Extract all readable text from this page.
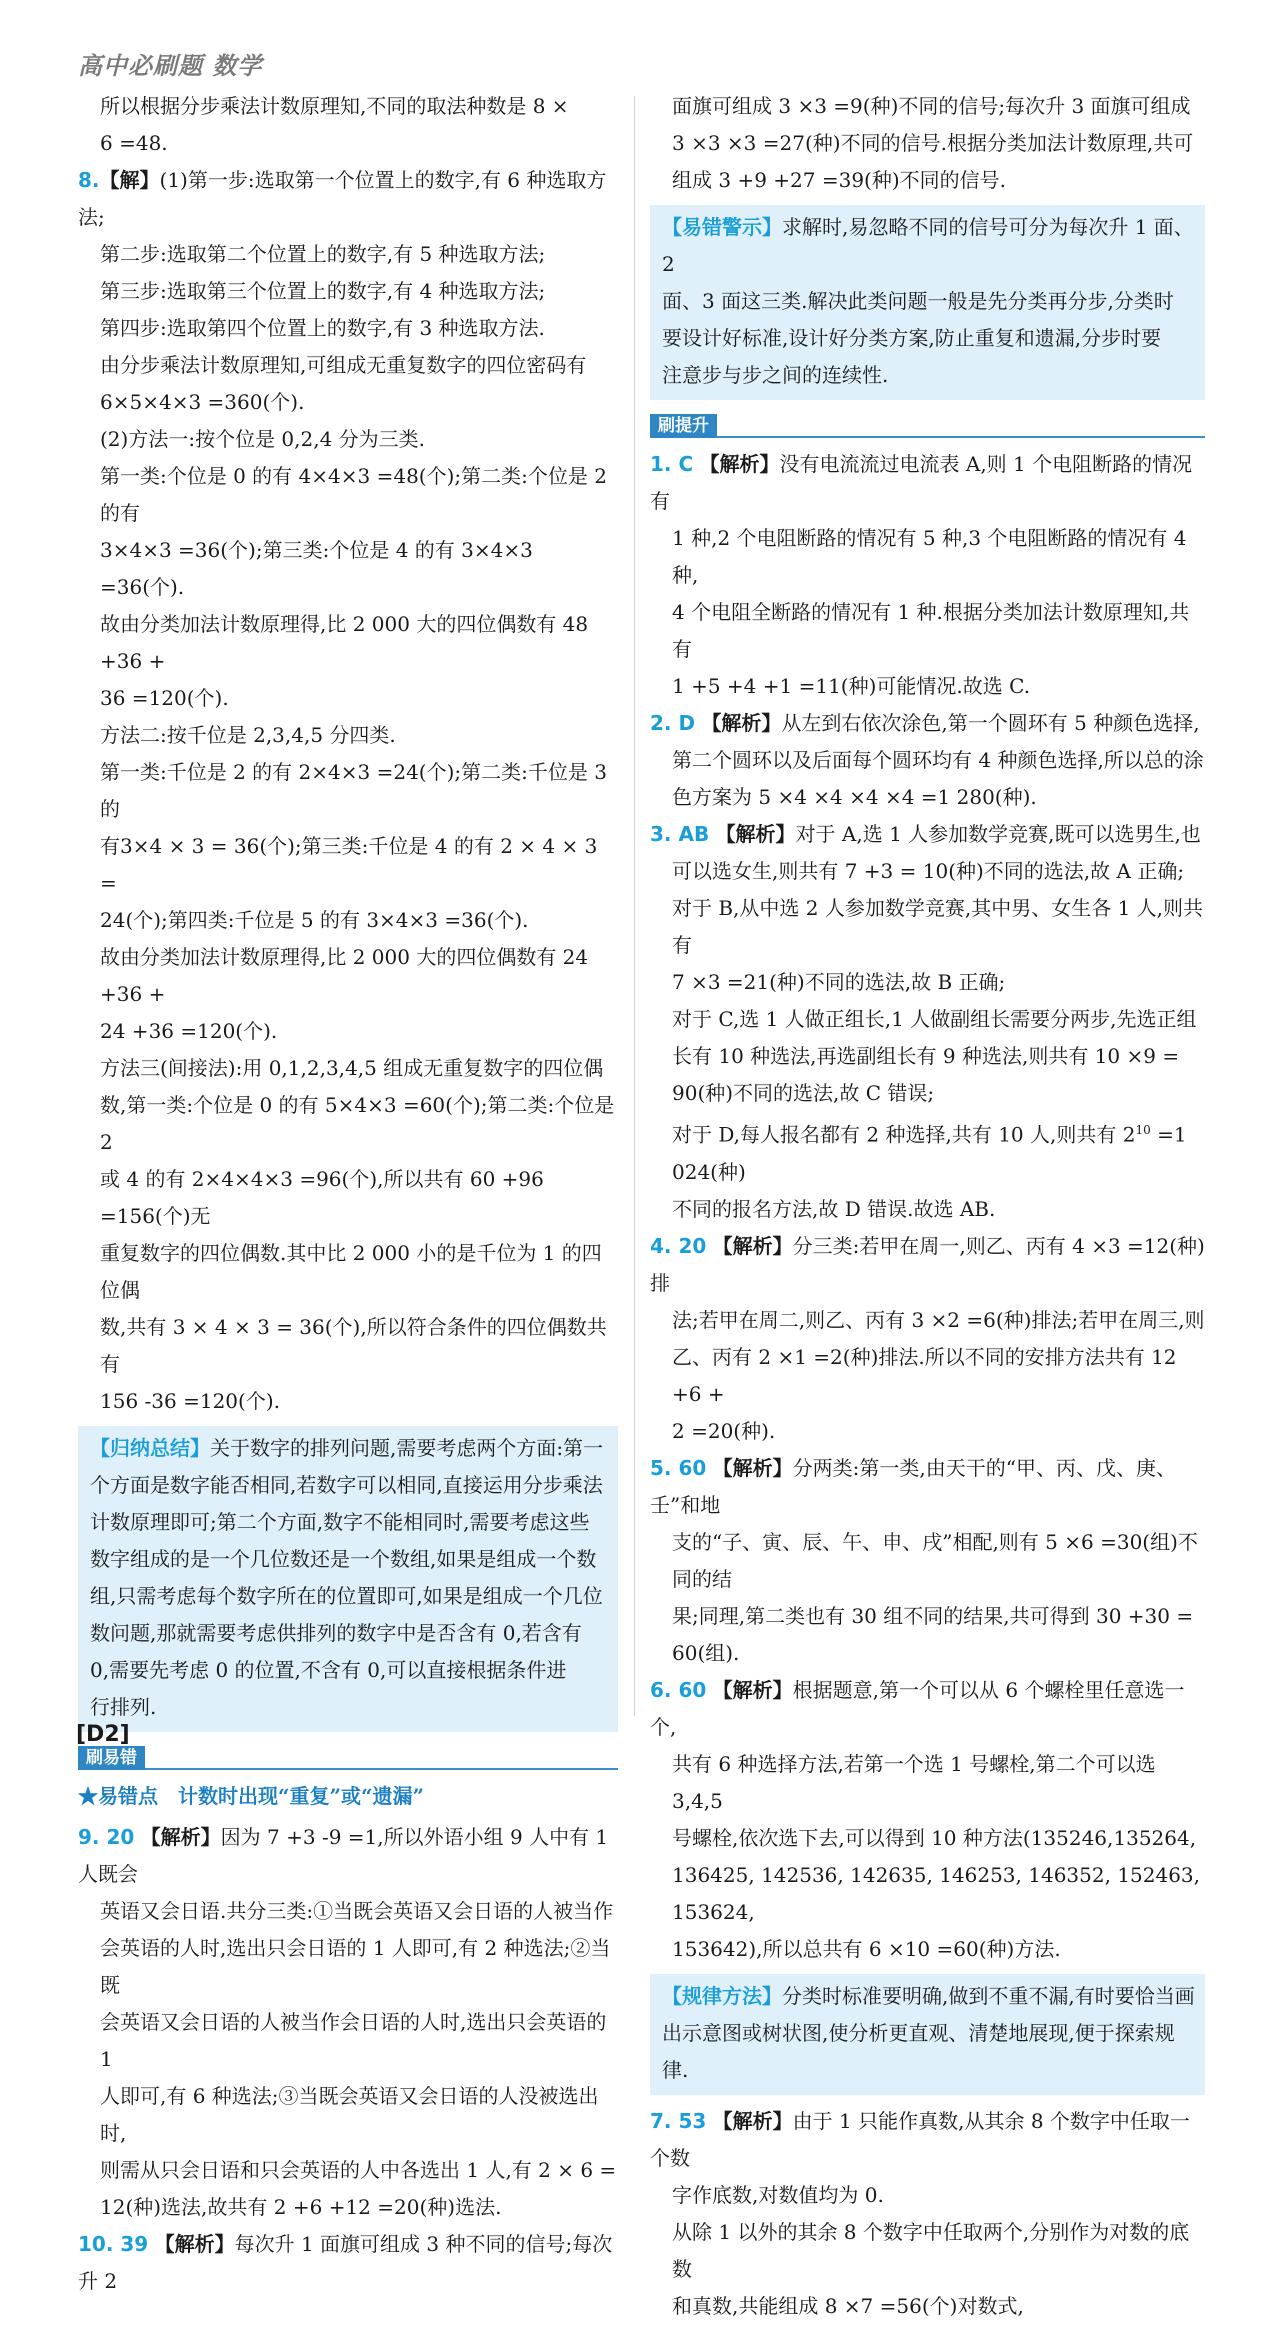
高中必刷题 数学

所以根据分步乘法计数原理知,不同的取法种数是 8 ×

6 =48.

8.【解】(1)第一步:选取第一个位置上的数字,有 6 种选取方法;

第二步:选取第二个位置上的数字,有 5 种选取方法;

第三步:选取第三个位置上的数字,有 4 种选取方法;

第四步:选取第四个位置上的数字,有 3 种选取方法.

由分步乘法计数原理知,可组成无重复数字的四位密码有

6×5×4×3 =360(个).

(2)方法一:按个位是 0,2,4 分为三类.

第一类:个位是 0 的有 4×4×3 =48(个);第二类:个位是 2 的有

3×4×3 =36(个);第三类:个位是 4 的有 3×4×3 =36(个).

故由分类加法计数原理得,比 2 000 大的四位偶数有 48 +36 +

36 =120(个).

方法二:按千位是 2,3,4,5 分四类.

第一类:千位是 2 的有 2×4×3 =24(个);第二类:千位是 3 的

有3×4 × 3 = 36(个);第三类:千位是 4 的有 2 × 4 × 3 =

24(个);第四类:千位是 5 的有 3×4×3 =36(个).

故由分类加法计数原理得,比 2 000 大的四位偶数有 24 +36 +

24 +36 =120(个).

方法三(间接法):用 0,1,2,3,4,5 组成无重复数字的四位偶

数,第一类:个位是 0 的有 5×4×3 =60(个);第二类:个位是 2

或 4 的有 2×4×4×3 =96(个),所以共有 60 +96 =156(个)无

重复数字的四位偶数.其中比 2 000 小的是千位为 1 的四位偶

数,共有 3 × 4 × 3 = 36(个),所以符合条件的四位偶数共有

156 -36 =120(个).

【归纳总结】关于数字的排列问题,需要考虑两个方面:第一

个方面是数字能否相同,若数字可以相同,直接运用分步乘法

计数原理即可;第二个方面,数字不能相同时,需要考虑这些

数字组成的是一个几位数还是一个数组,如果是组成一个数

组,只需考虑每个数字所在的位置即可,如果是组成一个几位

数问题,那就需要考虑供排列的数字中是否含有 0,若含有

0,需要先考虑 0 的位置,不含有 0,可以直接根据条件进

行排列.

刷易错

★易错点　计数时出现“重复”或“遗漏”

9. 20 【解析】因为 7 +3 -9 =1,所以外语小组 9 人中有 1 人既会

英语又会日语.共分三类:①当既会英语又会日语的人被当作

会英语的人时,选出只会日语的 1 人即可,有 2 种选法;②当既

会英语又会日语的人被当作会日语的人时,选出只会英语的 1

人即可,有 6 种选法;③当既会英语又会日语的人没被选出时,

则需从只会日语和只会英语的人中各选出 1 人,有 2 × 6 =

12(种)选法,故共有 2 +6 +12 =20(种)选法.

10. 39 【解析】每次升 1 面旗可组成 3 种不同的信号;每次升 2

面旗可组成 3 ×3 =9(种)不同的信号;每次升 3 面旗可组成

3 ×3 ×3 =27(种)不同的信号.根据分类加法计数原理,共可

组成 3 +9 +27 =39(种)不同的信号.

【易错警示】求解时,易忽略不同的信号可分为每次升 1 面、2

面、3 面这三类.解决此类问题一般是先分类再分步,分类时

要设计好标准,设计好分类方案,防止重复和遗漏,分步时要

注意步与步之间的连续性.

刷提升

1. C 【解析】没有电流流过电流表 A,则 1 个电阻断路的情况有

1 种,2 个电阻断路的情况有 5 种,3 个电阻断路的情况有 4 种,

4 个电阻全断路的情况有 1 种.根据分类加法计数原理知,共有

1 +5 +4 +1 =11(种)可能情况.故选 C.

2. D 【解析】从左到右依次涂色,第一个圆环有 5 种颜色选择,

第二个圆环以及后面每个圆环均有 4 种颜色选择,所以总的涂

色方案为 5 ×4 ×4 ×4 ×4 =1 280(种).

3. AB 【解析】对于 A,选 1 人参加数学竞赛,既可以选男生,也

可以选女生,则共有 7 +3 = 10(种)不同的选法,故 A 正确;

对于 B,从中选 2 人参加数学竞赛,其中男、女生各 1 人,则共有

7 ×3 =21(种)不同的选法,故 B 正确;

对于 C,选 1 人做正组长,1 人做副组长需要分两步,先选正组

长有 10 种选法,再选副组长有 9 种选法,则共有 10 ×9 =

90(种)不同的选法,故 C 错误;

对于 D,每人报名都有 2 种选择,共有 10 人,则共有 $2^{10} =1$ 024(种)

不同的报名方法,故 D 错误.故选 AB.

4. 20 【解析】分三类:若甲在周一,则乙、丙有 4 ×3 =12(种)排

法;若甲在周二,则乙、丙有 3 ×2 =6(种)排法;若甲在周三,则

乙、丙有 2 ×1 =2(种)排法.所以不同的安排方法共有 12 +6 +

2 =20(种).

5. 60 【解析】分两类:第一类,由天干的“甲、丙、戊、庚、壬”和地

支的“子、寅、辰、午、申、戌”相配,则有 5 ×6 =30(组)不同的结

果;同理,第二类也有 30 组不同的结果,共可得到 30 +30 =

60(组).

6. 60 【解析】根据题意,第一个可以从 6 个螺栓里任意选一个,

共有 6 种选择方法,若第一个选 1 号螺栓,第二个可以选 3,4,5

号螺栓,依次选下去,可以得到 10 种方法(135246,135264,

136425, 142536, 142635, 146253, 146352, 152463, 153624,

153642),所以总共有 6 ×10 =60(种)方法.

【规律方法】分类时标准要明确,做到不重不漏,有时要恰当画

出示意图或树状图,使分析更直观、清楚地展现,便于探索规律.

7. 53 【解析】由于 1 只能作真数,从其余 8 个数字中任取一个数

字作底数,对数值均为 0.

从除 1 以外的其余 8 个数字中任取两个,分别作为对数的底数

和真数,共能组成 8 ×7 =56(个)对数式,

[D2]
